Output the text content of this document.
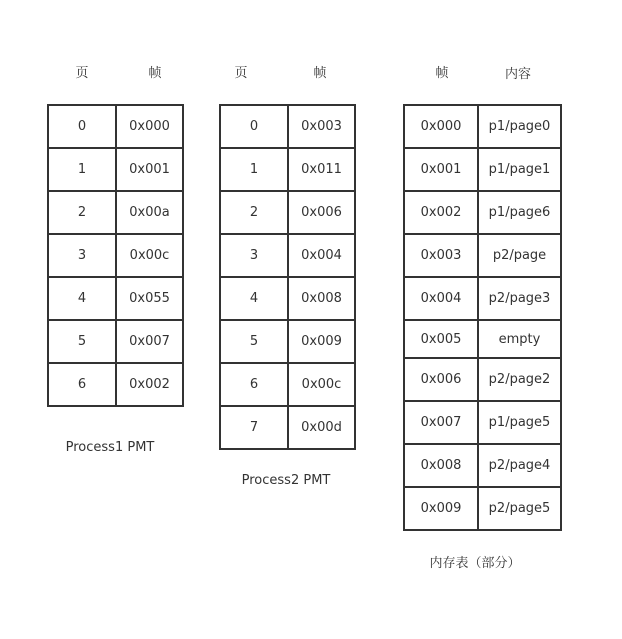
页	帧
0	0x000
1	0x001
2	0x00a
3	0x00c
4	0x055
5	0x007
6	0x002
Process1 PMT
页	帧
0	0x003
1	0x011
2	0x006
3	0x004
4	0x008
5	0x009
6	0x00c
7	0x00d
Process2 PMT
帧	内容
0x000	p1/page0
0x001	p1/page1
0x002	p1/page6
0x003	p2/page
0x004	p2/page3
0x005	empty
0x006	p2/page2
0x007	p1/page5
0x008	p2/page4
0x009	p2/page5
内存表（部分）
